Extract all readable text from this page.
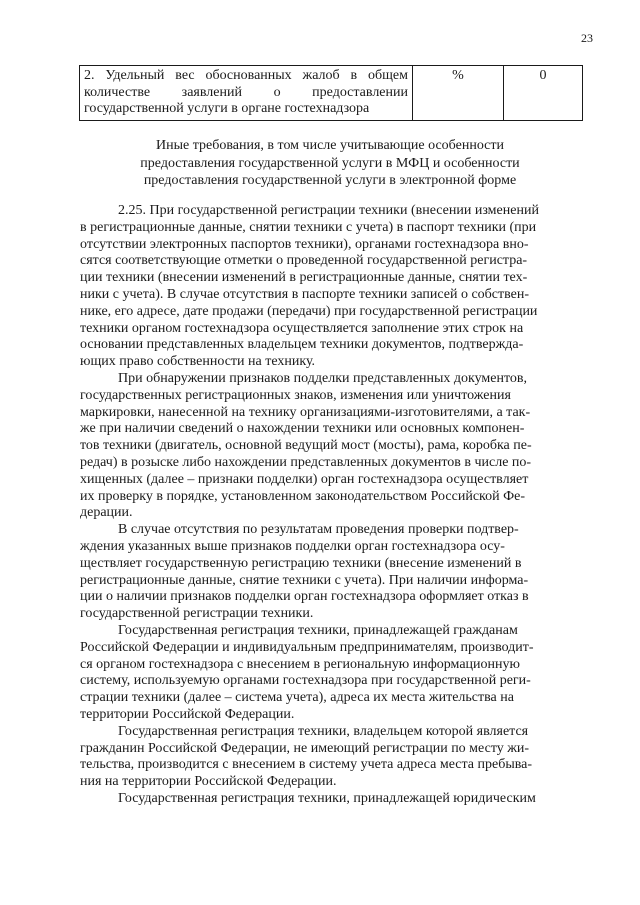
23
2. Удельный вес обоснованных жалоб в общем количестве заявлений о предоставлении государственной услуги в органе гостехнадзора	%	0
Иные требования, в том числе учитывающие особенности
предоставления государственной услуги в МФЦ и особенности
предоставления государственной услуги в электронной форме
2.25. При государственной регистрации техники (внесении изменений
в регистрационные данные, снятии техники с учета) в паспорт техники (при
отсутствии электронных паспортов техники), органами гостехнадзора вно-
сятся соответствующие отметки о проведенной государственной регистра-
ции техники (внесении изменений в регистрационные данные, снятии тех-
ники с учета). В случае отсутствия в паспорте техники записей о собствен-
нике, его адресе, дате продажи (передачи) при государственной регистрации
техники органом гостехнадзора осуществляется заполнение этих строк на
основании представленных владельцем техники документов, подтвержда-
ющих право собственности на технику.
При обнаружении признаков подделки представленных документов,
государственных регистрационных знаков, изменения или уничтожения
маркировки, нанесенной на технику организациями-изготовителями, а так-
же при наличии сведений о нахождении техники или основных компонен-
тов техники (двигатель, основной ведущий мост (мосты), рама, коробка пе-
редач) в розыске либо нахождении представленных документов в числе по-
хищенных (далее – признаки подделки) орган гостехнадзора осуществляет
их проверку в порядке, установленном законодательством Российской Фе-
дерации.
В случае отсутствия по результатам проведения проверки подтвер-
ждения указанных выше признаков подделки орган гостехнадзора осу-
ществляет государственную регистрацию техники (внесение изменений в
регистрационные данные, снятие техники с учета). При наличии информа-
ции о наличии признаков подделки орган гостехнадзора оформляет отказ в
государственной регистрации техники.
Государственная регистрация техники, принадлежащей гражданам
Российской Федерации и индивидуальным предпринимателям, производит-
ся органом гостехнадзора с внесением в региональную информационную
систему, используемую органами гостехнадзора при государственной реги-
страции техники (далее – система учета), адреса их места жительства на
территории Российской Федерации.
Государственная регистрация техники, владельцем которой является
гражданин Российской Федерации, не имеющий регистрации по месту жи-
тельства, производится с внесением в систему учета адреса места пребыва-
ния на территории Российской Федерации.
Государственная регистрация техники, принадлежащей юридическим
